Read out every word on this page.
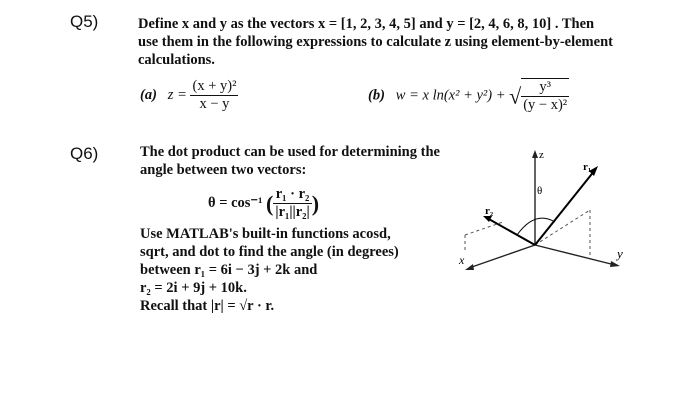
Q5)	Define x and y as the vectors x = [1, 2, 3, 4, 5] and y = [2, 4, 6, 8, 10] . Then
use them in the following expressions to calculate z using element-by-element
calculations.
(a) $z = \frac{\text{(x + y)²}}{x - y}$	(b) w = x ln(x² + y²) + √ $\frac{\text{y³}}{\text{(y − x)²}}$
Q6)	The dot product can be used for determining the
angle between two vectors:
θ = cos⁻¹ ( $\frac{\text{r₁ · r₂}}{\text{|r₁||r₂|}}$ )
Use MATLAB's built-in functions acosd,
sqrt, and dot to find the angle (in degrees)
between r₁ = 6i − 3j + 2k and
r₂ = 2i + 9j + 10k.
Recall that |r| = √r · r.
z
x	y
θ
r₁
r₂
